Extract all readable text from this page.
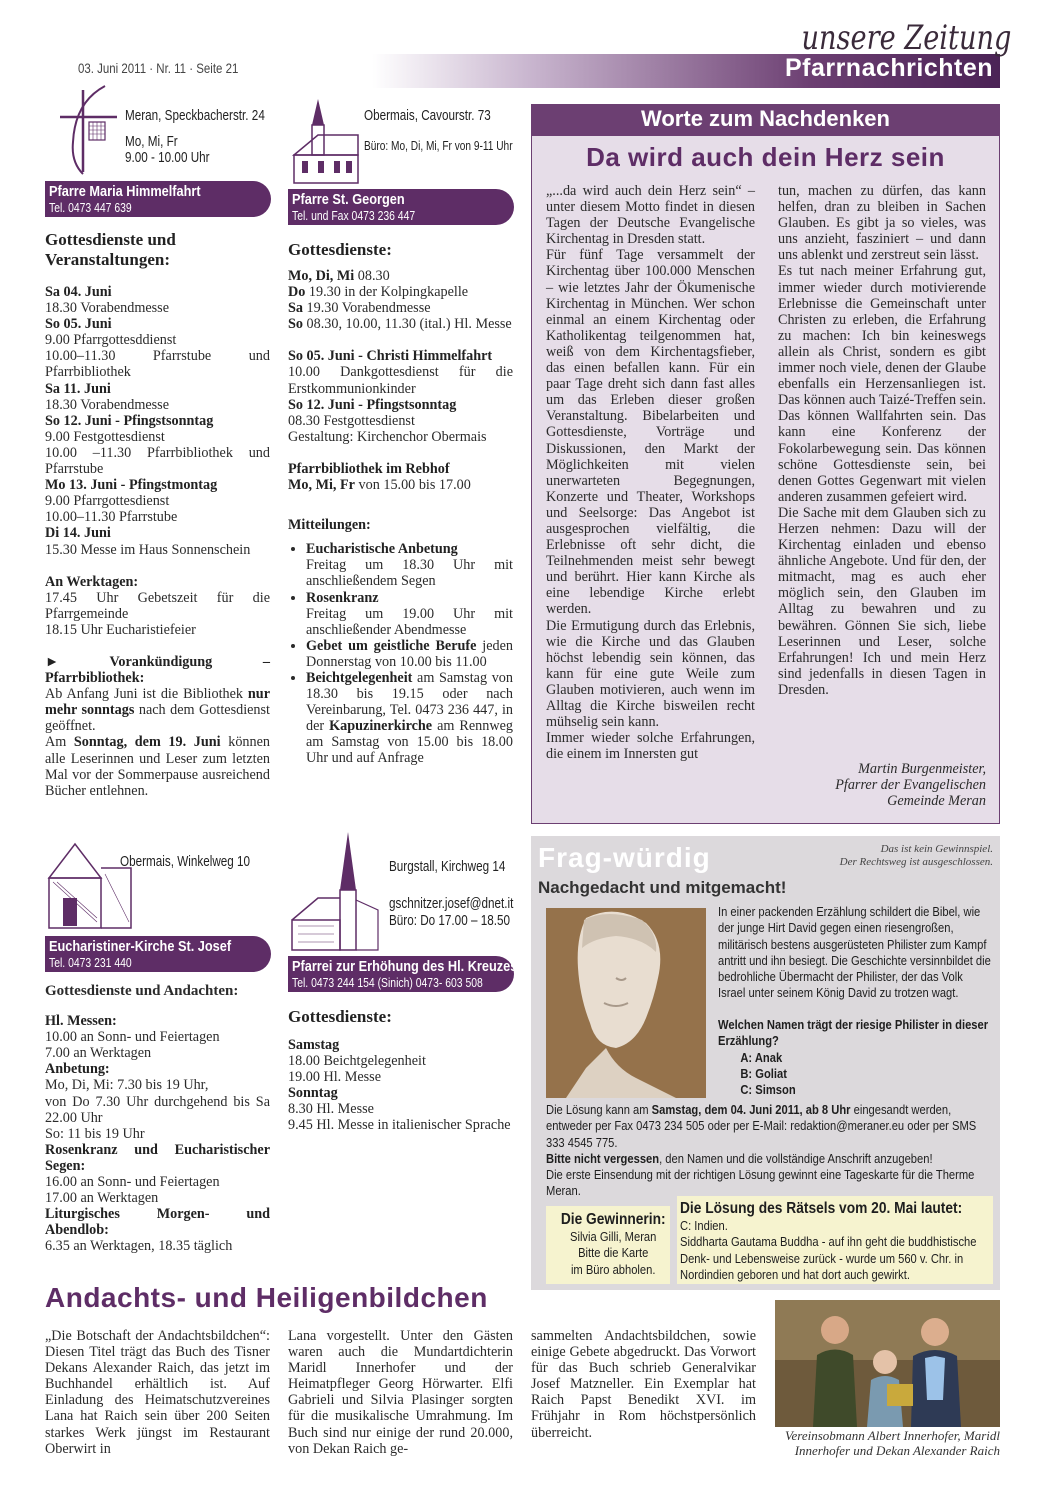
03. Juni 2011 · Nr. 11 · Seite 21
unsere Zeitung
Pfarrnachrichten
Meran, Speckbacherstr. 24
Mo, Mi, Fr
9.00 - 10.00 Uhr
Pfarre Maria Himmelfahrt
Tel. 0473 447 639
Gottesdienste und Veranstaltungen:

Sa 04. Juni

18.30 Vorabendmesse

So 05. Juni

9.00 Pfarrgottesddienst
10.00–11.30 Pfarrstube und Pfarrbibliothek

Sa 11. Juni

18.30 Vorabendmesse

So 12. Juni - Pfingstsonntag

9.00 Festgottesdienst
10.00 –11.30 Pfarrbibliothek und Pfarrstube

Mo 13. Juni - Pfingstmontag

9.00 Pfarrgottesdienst
10.00–11.30 Pfarrstube

Di 14. Juni

15.30 Messe im Haus Sonnenschein

An Werktagen:

17.45 Uhr Gebetszeit für die Pfarrgemeinde
18.15 Uhr Eucharistiefeier

► Vorankündigung – Pfarrbibliothek:

Ab Anfang Juni ist die Bibliothek nur mehr sonntags nach dem Gottesdienst geöffnet.

Am Sonntag, dem 19. Juni können alle Leserinnen und Leser zum letzten Mal vor der Sommerpause ausreichend Bücher entlehnen.

Obermais, Cavourstr. 73
Büro: Mo, Di, Mi, Fr von 9-11 Uhr
Pfarre St. Georgen
Tel. und Fax 0473 236 447
Gottesdienste:

Mo, Di, Mi 08.30

Do 19.30 in der Kolpingkapelle

Sa 19.30 Vorabendmesse

So 08.30, 10.00, 11.30 (ital.) Hl. Messe

So 05. Juni - Christi Himmelfahrt

10.00 Dankgottesdienst für die Erstkommunionkinder

So 12. Juni - Pfingstsonntag

08.30 Festgottesdienst
Gestaltung: Kirchenchor Obermais

Pfarrbibliothek im Rebhof

Mo, Mi, Fr von 15.00 bis 17.00

Mitteilungen:

• Eucharistische Anbetung
Freitag um 18.30 Uhr mit anschließendem Segen
• Rosenkranz
Freitag um 19.00 Uhr mit anschließender Abendmesse
• Gebet um geistliche Berufe jeden Donnerstag von 10.00 bis 11.00
• Beichtgelegenheit am Samstag von 18.30 bis 19.15 oder nach Vereinbarung, Tel. 0473 236 447, in der Kapuzinerkirche am Rennweg am Samstag von 15.00 bis 18.00 Uhr und auf Anfrage
Obermais, Winkelweg 10
Eucharistiner-Kirche St. Josef
Tel. 0473 231 440
Gottesdienste und Andachten:

Hl. Messen:

10.00 an Sonn- und Feiertagen
7.00 an Werktagen

Anbetung:

Mo, Di, Mi: 7.30 bis 19 Uhr,
von Do 7.30 Uhr durchgehend bis Sa 22.00 Uhr
So: 11 bis 19 Uhr

Rosenkranz und Eucharistischer Segen:

16.00 an Sonn- und Feiertagen
17.00 an Werktagen

Liturgisches Morgen- und Abendlob:

6.35 an Werktagen, 18.35 täglich

Burgstall, Kirchweg 14
gschnitzer.josef@dnet.it
Büro: Do 17.00 – 18.50
Pfarrei zur Erhöhung des Hl. Kreuzes
Tel. 0473 244 154 (Sinich) 0473- 603 508
Gottesdienste:

Samstag

18.00 Beichtgelegenheit
19.00 Hl. Messe

Sonntag

8.30 Hl. Messe
9.45 Hl. Messe in italienischer Sprache

Worte zum Nachdenken
Da wird auch dein Herz sein

„...da wird auch dein Herz sein“ – unter diesem Motto findet in diesen Tagen der Deutsche Evangelische Kirchentag in Dresden statt.

Für fünf Tage versammelt der Kirchentag über 100.000 Menschen – wie letztes Jahr der Ökumenische Kirchentag in München. Wer schon einmal an einem Kirchentag oder Katholikentag teilgenommen hat, weiß von dem Kirchentagsfieber, das einen befallen kann. Für ein paar Tage dreht sich dann fast alles um das Erleben dieser großen Veranstaltung. Bibelarbeiten und Gottesdienste, Vorträge und Diskussionen, den Markt der Möglichkeiten mit vielen unerwarteten Begegnungen, Konzerte und Theater, Workshops und Seelsorge: Das Angebot ist ausgesprochen vielfältig, die Erlebnisse oft sehr dicht, die Teilnehmenden meist sehr bewegt und berührt. Hier kann Kirche als eine lebendige Kirche erlebt werden.

Die Ermutigung durch das Erlebnis, wie die Kirche und das Glauben höchst lebendig sein können, das kann für eine gute Weile zum Glauben motivieren, auch wenn im Alltag die Kirche bisweilen recht mühselig sein kann.

Immer wieder solche Erfahrungen, die einem im Innersten gut

tun, machen zu dürfen, das kann helfen, dran zu bleiben in Sachen Glauben. Es gibt ja so vieles, was uns anzieht, fasziniert – und dann uns ablenkt und zerstreut sein lässt.

Es tut nach meiner Erfahrung gut, immer wieder durch motivierende Erlebnisse die Gemeinschaft unter Christen zu erleben, die Erfahrung zu machen: Ich bin keineswegs allein als Christ, sondern es gibt immer noch viele, denen der Glaube ebenfalls ein Herzensanliegen ist. Das können auch Taizé-Treffen sein. Das können Wallfahrten sein. Das kann eine Konferenz der Fokolarbewegung sein. Das können schöne Gottesdienste sein, bei denen Gottes Gegenwart mit vielen anderen zusammen gefeiert wird.

Die Sache mit dem Glauben sich zu Herzen nehmen: Dazu will der Kirchentag einladen und ebenso ähnliche Angebote. Und für den, der mitmacht, mag es auch eher möglich sein, den Glauben im Alltag zu bewahren und zu bewähren. Gönnen Sie sich, liebe Leserinnen und Leser, solche Erfahrungen! Ich und mein Herz sind jedenfalls in diesen Tagen in Dresden.

Martin Burgenmeister,

Pfarrer der Evangelischen

Gemeinde Meran

Frag-würdig
Nachgedacht und mitgemacht!
Das ist kein Gewinnspiel.
Der Rechtsweg ist ausgeschlossen.
In einer packenden Erzählung schildert die Bibel, wie der junge Hirt David gegen einen riesengroßen, militärisch bestens ausgerüsteten Philister zum Kampf antritt und ihn besiegt. Die Geschichte versinnbildet die bedrohliche Übermacht der Philister, der das Volk Israel unter seinem König David zu trotzen wagt.
Welchen Namen trägt der riesige Philister in dieser Erzählung?
A: Anak
B: Goliat
C: Simson
Die Lösung kann am Samstag, dem 04. Juni 2011, ab 8 Uhr eingesandt werden, entweder per Fax 0473 234 505 oder per E-Mail: redaktion@meraner.eu oder per SMS 333 4545 775.
Bitte nicht vergessen, den Namen und die vollständige Anschrift anzugeben!
Die erste Einsendung mit der richtigen Lösung gewinnt eine Tageskarte für die Therme Meran.
Die Gewinnerin:
Silvia Gilli, Meran
Bitte die Karte
im Büro abholen.
Die Lösung des Rätsels vom 20. Mai lautet:
C: Indien.
Siddharta Gautama Buddha - auf ihn geht die buddhistische Denk- und Lebensweise zurück - wurde um 560 v. Chr. in Nordindien geboren und hat dort auch gewirkt.
Andachts- und Heiligenbildchen
„Die Botschaft der Andachtsbildchen“: Diesen Titel trägt das Buch des Tisner Dekans Alexander Raich, das jetzt im Buchhandel erhältlich ist. Auf Einladung des Heimatschutzvereines Lana hat Raich sein über 200 Seiten starkes Werk jüngst im Restaurant Oberwirt in
Lana vorgestellt. Unter den Gästen waren auch die Mundartdichterin Maridl Innerhofer und der Heimatpfleger Georg Hörwarter. Elfi Gabrieli und Silvia Plasinger sorgten für die musikalische Umrahmung. Im Buch sind nur einige der rund 20.000, von Dekan Raich ge-
sammelten Andachtsbildchen, sowie einige Gebete abgedruckt. Das Vorwort für das Buch schrieb Generalvikar Josef Matzneller. Ein Exemplar hat Raich Papst Benedikt XVI. im Frühjahr in Rom höchstpersönlich überreicht.	Vereinsobmann Albert Innerhofer, Maridl
Innerhofer und Dekan Alexander Raich
